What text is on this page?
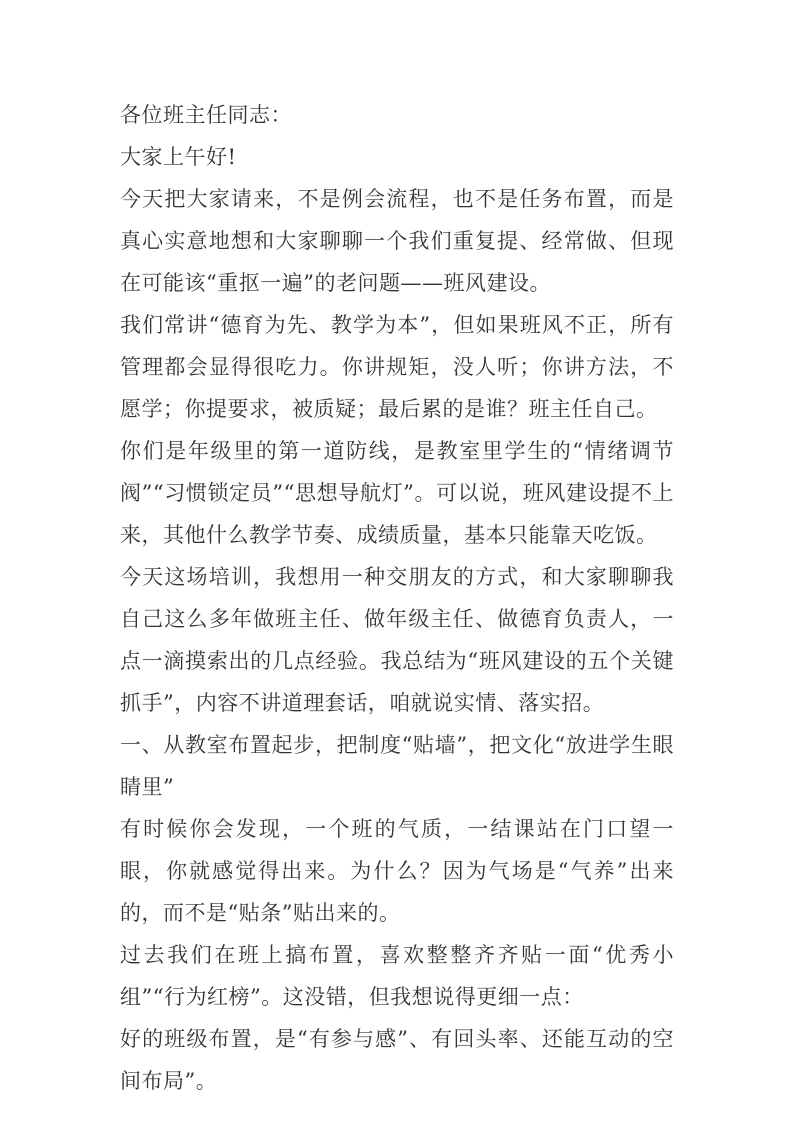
各位班主任同志：

大家上午好!

今天把大家请来，不是例会流程，也不是任务布置，而是真心实意地想和大家聊聊一个我们重复提、经常做、但现在可能该“重抠一遍”的老问题——班风建设。

我们常讲“德育为先、教学为本”，但如果班风不正，所有管理都会显得很吃力。你讲规矩，没人听；你讲方法，不愿学；你提要求，被质疑；最后累的是谁？班主任自己。

你们是年级里的第一道防线，是教室里学生的“情绪调节阀”“习惯锁定员”“思想导航灯”。可以说，班风建设提不上来，其他什么教学节奏、成绩质量，基本只能靠天吃饭。

今天这场培训，我想用一种交朋友的方式，和大家聊聊我自己这么多年做班主任、做年级主任、做德育负责人，一点一滴摸索出的几点经验。我总结为“班风建设的五个关键抓手”，内容不讲道理套话，咱就说实情、落实招。

一、从教室布置起步，把制度“贴墙”，把文化“放进学生眼睛里”

有时候你会发现，一个班的气质，一结课站在门口望一眼，你就感觉得出来。为什么？因为气场是“气养”出来的，而不是“贴条”贴出来的。

过去我们在班上搞布置，喜欢整整齐齐贴一面“优秀小组”“行为红榜”。这没错，但我想说得更细一点：

好的班级布置，是“有参与感”、有回头率、还能互动的空间布局”。
